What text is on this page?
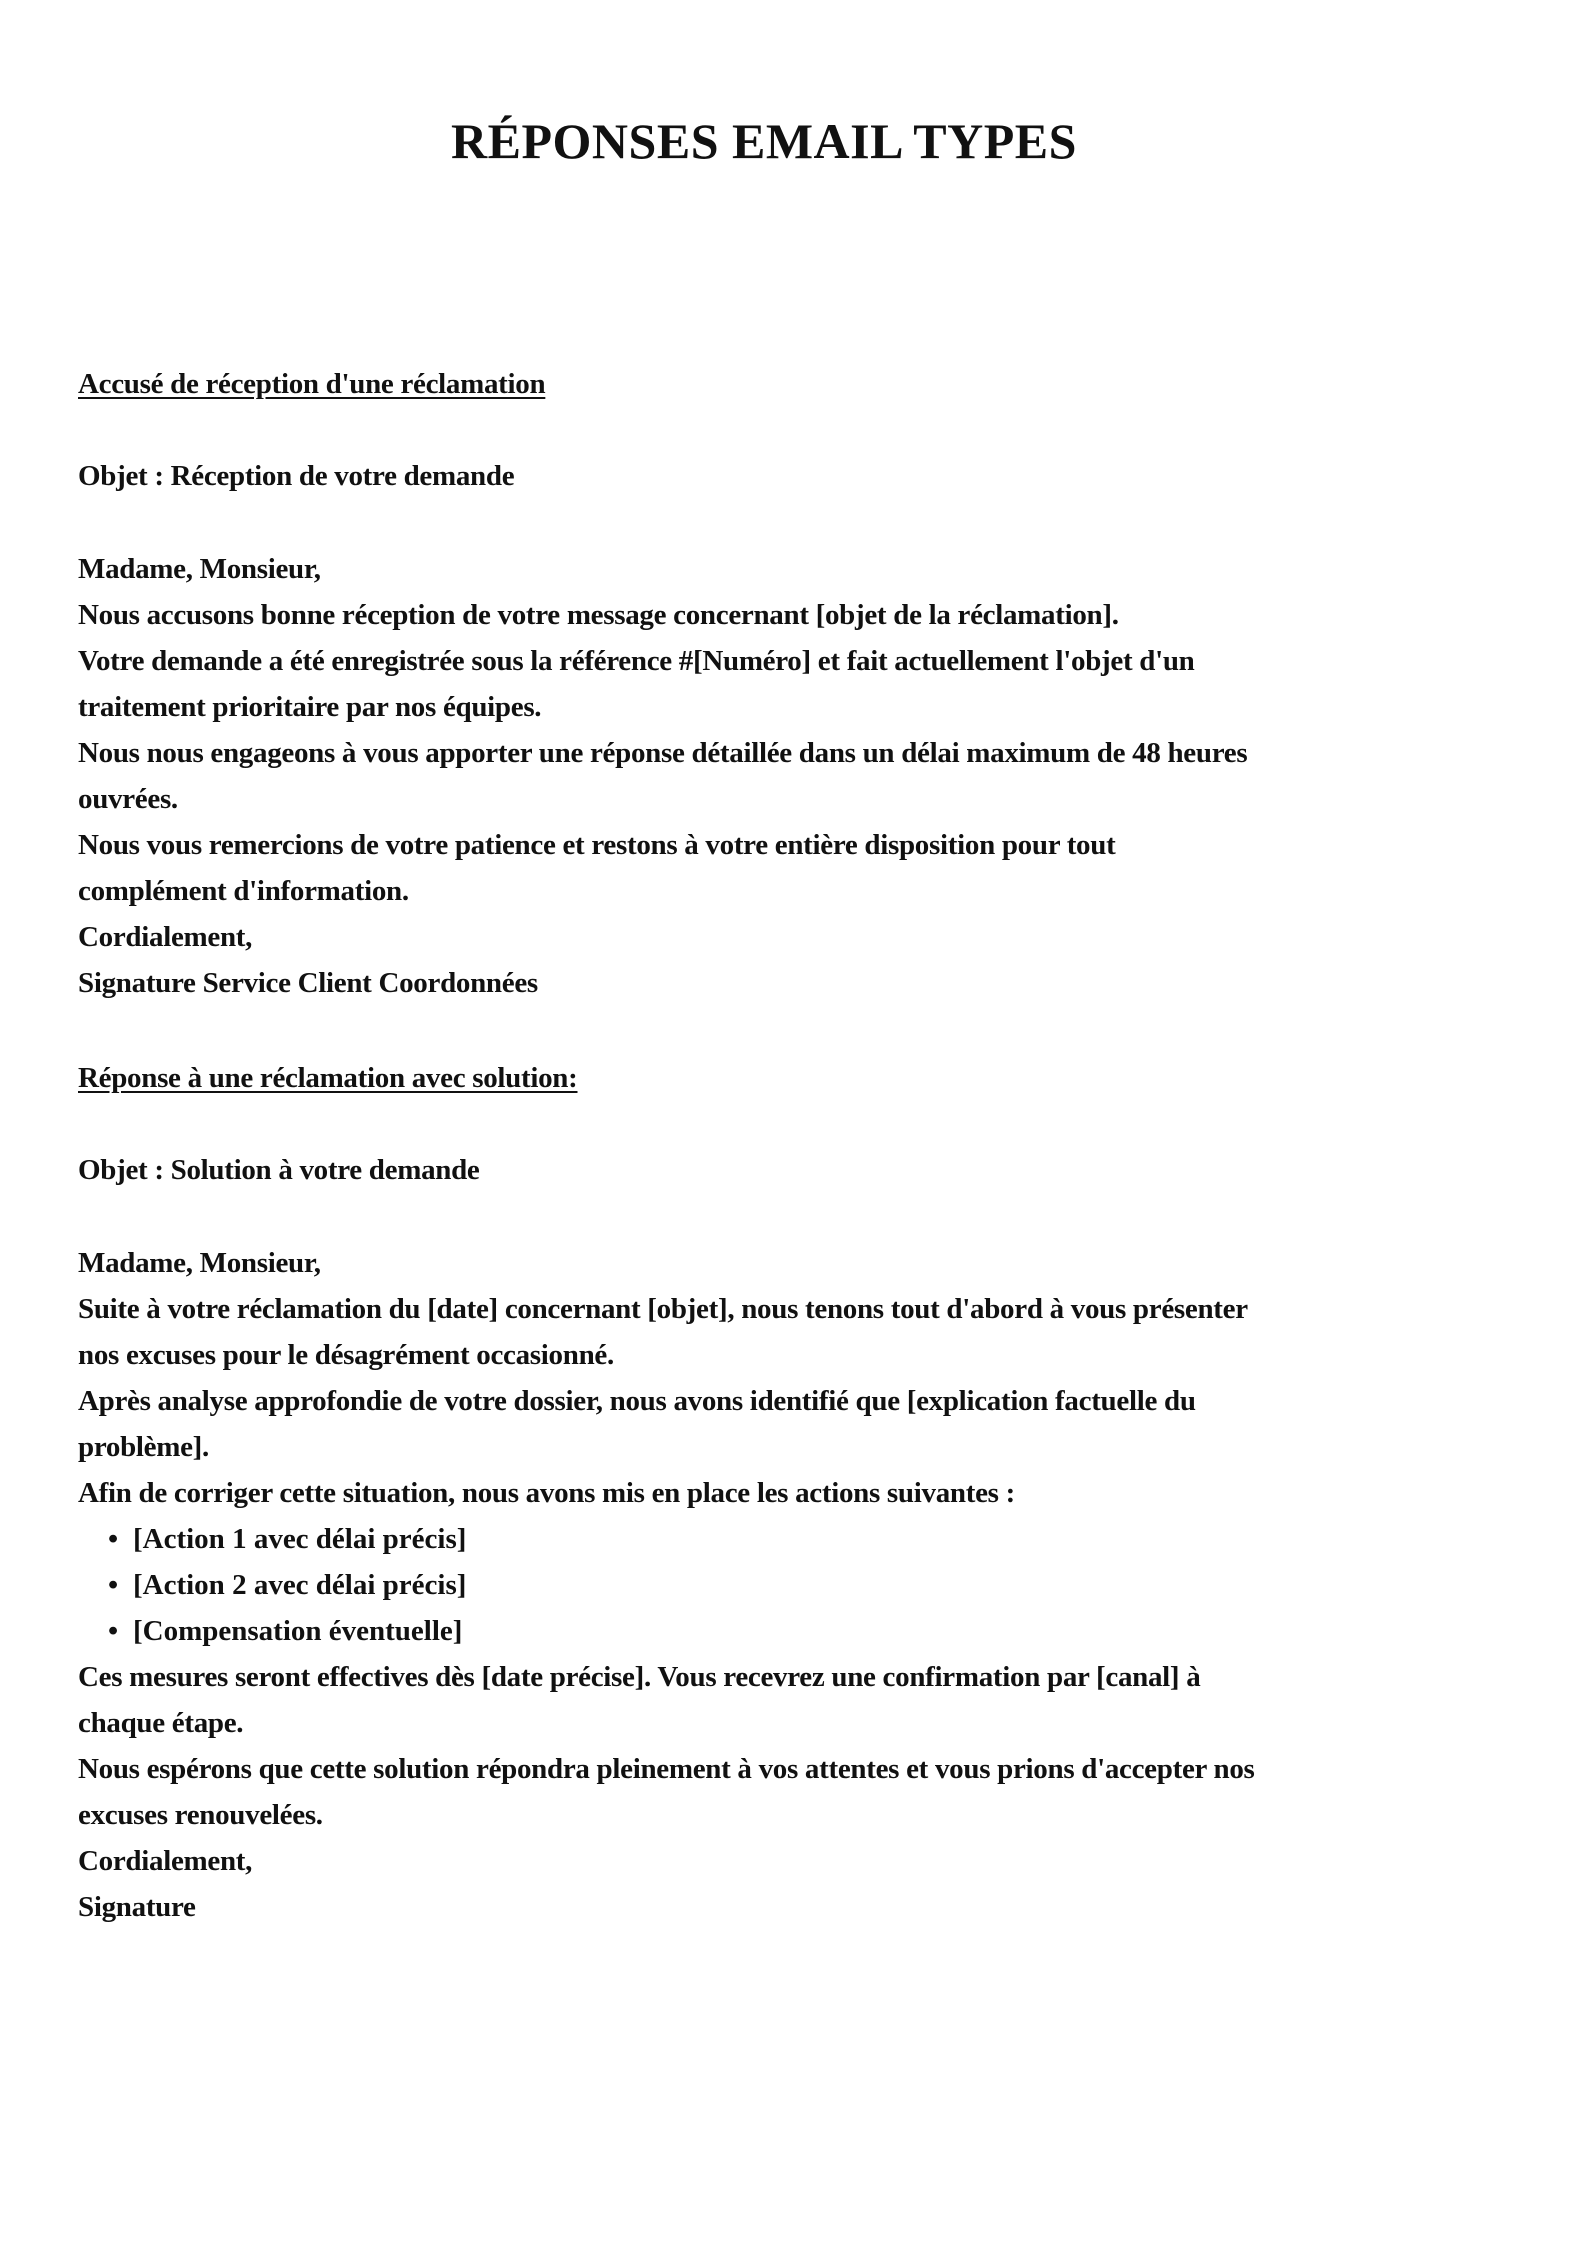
RÉPONSES EMAIL TYPES
Accusé de réception d'une réclamation
Objet : Réception de votre demande
Madame, Monsieur,
Nous accusons bonne réception de votre message concernant [objet de la réclamation].
Votre demande a été enregistrée sous la référence #[Numéro] et fait actuellement l'objet d'un
traitement prioritaire par nos équipes.
Nous nous engageons à vous apporter une réponse détaillée dans un délai maximum de 48 heures
ouvrées.
Nous vous remercions de votre patience et restons à votre entière disposition pour tout
complément d'information.
Cordialement,
Signature Service Client Coordonnées
Réponse à une réclamation avec solution:
Objet : Solution à votre demande
Madame, Monsieur,
Suite à votre réclamation du [date] concernant [objet], nous tenons tout d'abord à vous présenter
nos excuses pour le désagrément occasionné.
Après analyse approfondie de votre dossier, nous avons identifié que [explication factuelle du
problème].
Afin de corriger cette situation, nous avons mis en place les actions suivantes :
• [Action 1 avec délai précis]
• [Action 2 avec délai précis]
• [Compensation éventuelle]
Ces mesures seront effectives dès [date précise]. Vous recevrez une confirmation par [canal] à
chaque étape.
Nous espérons que cette solution répondra pleinement à vos attentes et vous prions d'accepter nos
excuses renouvelées.
Cordialement,
Signature
